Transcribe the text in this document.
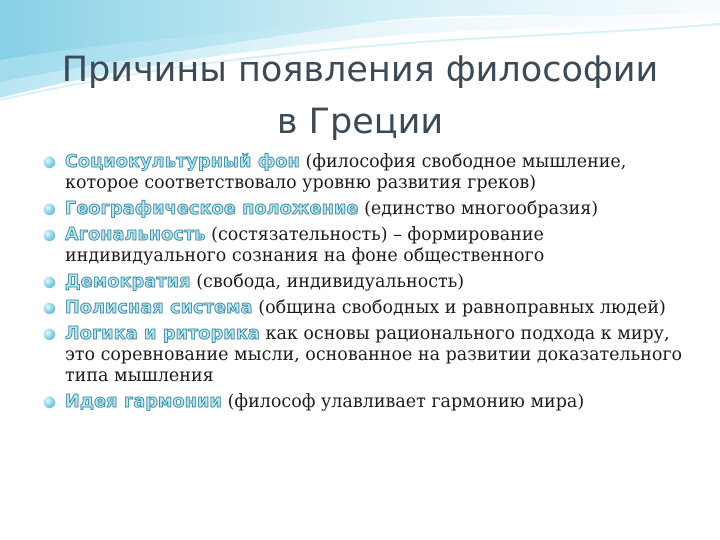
Причины появления философии
в Греции
Социокультурный фон (философия свободное мышление, которое соответствовало уровню развития греков)
Географическое положение (единство многообразия)
Агональность (состязательность) – формирование индивидуального сознания на фоне общественного
Демократия (свобода, индивидуальность)
Полисная система (община свободных и равноправных людей)
Логика и риторика как основы рационального подхода к миру, это соревнование мысли, основанное на развитии доказательного типа мышления
Идея гармонии (философ улавливает гармонию мира)
